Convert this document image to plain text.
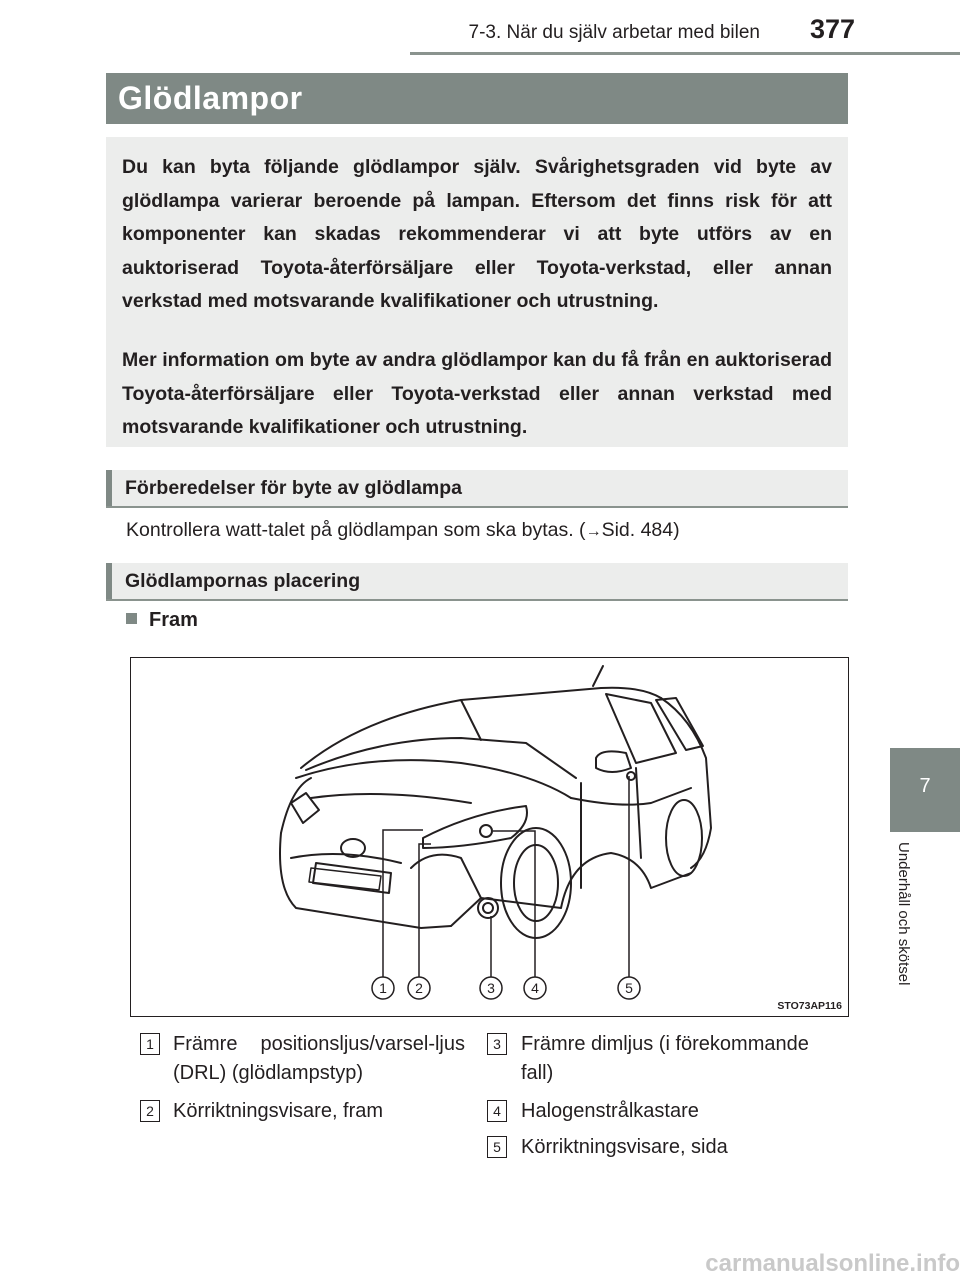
7-3. När du själv arbetar med bilen 377
Glödlampor

Du kan byta följande glödlampor själv. Svårighetsgraden vid byte av glödlampa varierar beroende på lampan. Eftersom det finns risk för att komponenter kan skadas rekommenderar vi att byte utförs av en auktoriserad Toyota-återförsäljare eller Toyota-verkstad, eller annan verkstad med motsvarande kvalifikationer och utrustning.

Mer information om byte av andra glödlampor kan du få från en auktoriserad Toyota-återförsäljare eller Toyota-verkstad eller annan verkstad med motsvarande kvalifikationer och utrustning.

Förberedelser för byte av glödlampa
Kontrollera watt-talet på glödlampan som ska bytas. (→Sid. 484)
Glödlampornas placering
Fram
1 2	3	4	5
STO73AP116
1 Främre positionsljus/varsel-ljus (DRL) (glödlampstyp)
2 Körriktningsvisare, fram
3	Främre dimljus (i förekommande fall)
4	Halogenstrålkastare
5	Körriktningsvisare, sida
7
Underhåll och skötsel
carmanualsonline.info
